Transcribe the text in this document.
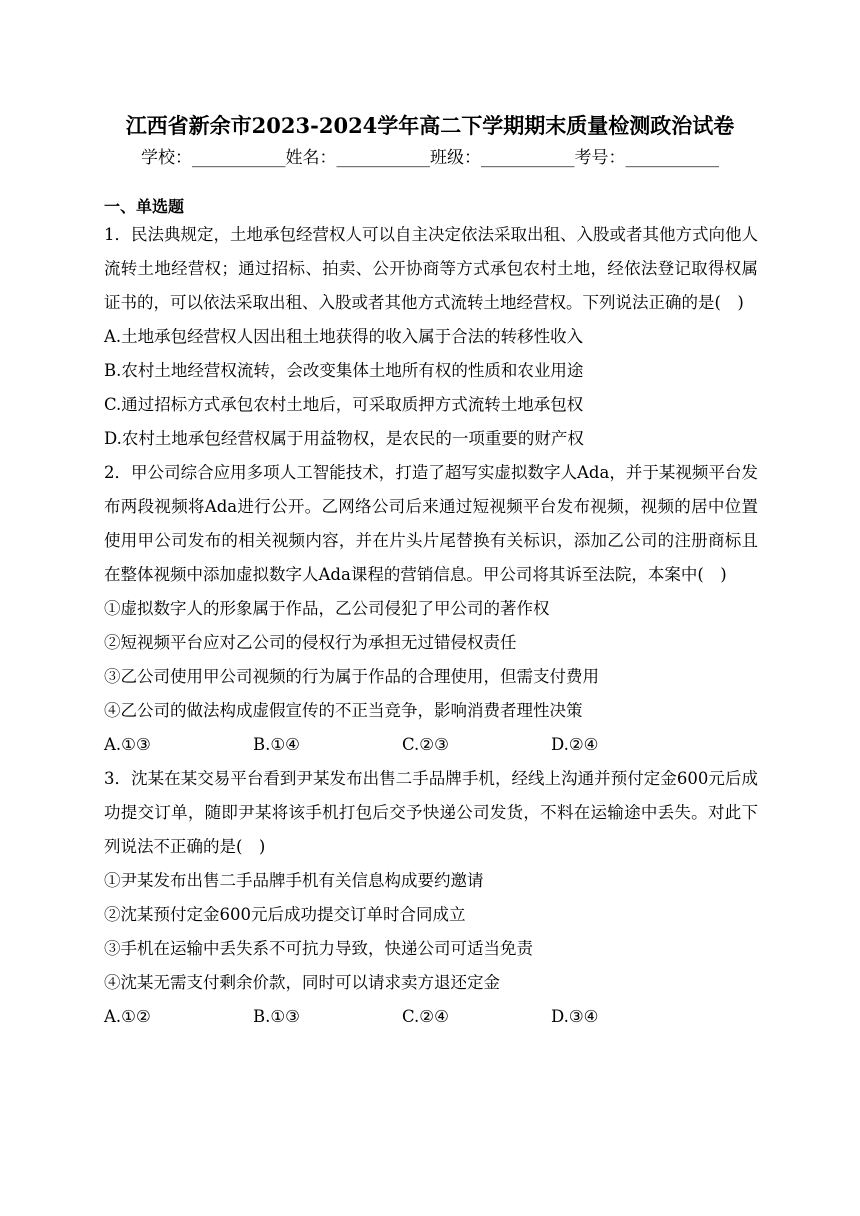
江西省新余市2023-2024学年高二下学期期末质量检测政治试卷
学校：___________姓名：___________班级：___________考号：___________
一、单选题

1．民法典规定，土地承包经营权人可以自主决定依法采取出租、入股或者其他方式向他人流转土地经营权；通过招标、拍卖、公开协商等方式承包农村土地，经依法登记取得权属证书的，可以依法采取出租、入股或者其他方式流转土地经营权。下列说法正确的是(　)

A.土地承包经营权人因出租土地获得的收入属于合法的转移性收入

B.农村土地经营权流转，会改变集体土地所有权的性质和农业用途

C.通过招标方式承包农村土地后，可采取质押方式流转土地承包权

D.农村土地承包经营权属于用益物权，是农民的一项重要的财产权

2．甲公司综合应用多项人工智能技术，打造了超写实虚拟数字人Ada，并于某视频平台发布两段视频将Ada进行公开。乙网络公司后来通过短视频平台发布视频，视频的居中位置使用甲公司发布的相关视频内容，并在片头片尾替换有关标识，添加乙公司的注册商标且在整体视频中添加虚拟数字人Ada课程的营销信息。甲公司将其诉至法院，本案中(　)

①虚拟数字人的形象属于作品，乙公司侵犯了甲公司的著作权

②短视频平台应对乙公司的侵权行为承担无过错侵权责任

③乙公司使用甲公司视频的行为属于作品的合理使用，但需支付费用

④乙公司的做法构成虚假宣传的不正当竞争，影响消费者理性决策

A.①③	B.①④	C.②③	D.②④

3．沈某在某交易平台看到尹某发布出售二手品牌手机，经线上沟通并预付定金600元后成功提交订单，随即尹某将该手机打包后交予快递公司发货，不料在运输途中丢失。对此下列说法不正确的是(　)

①尹某发布出售二手品牌手机有关信息构成要约邀请

②沈某预付定金600元后成功提交订单时合同成立

③手机在运输中丢失系不可抗力导致，快递公司可适当免责

④沈某无需支付剩余价款，同时可以请求卖方退还定金

A.①②	B.①③	C.②④	D.③④
